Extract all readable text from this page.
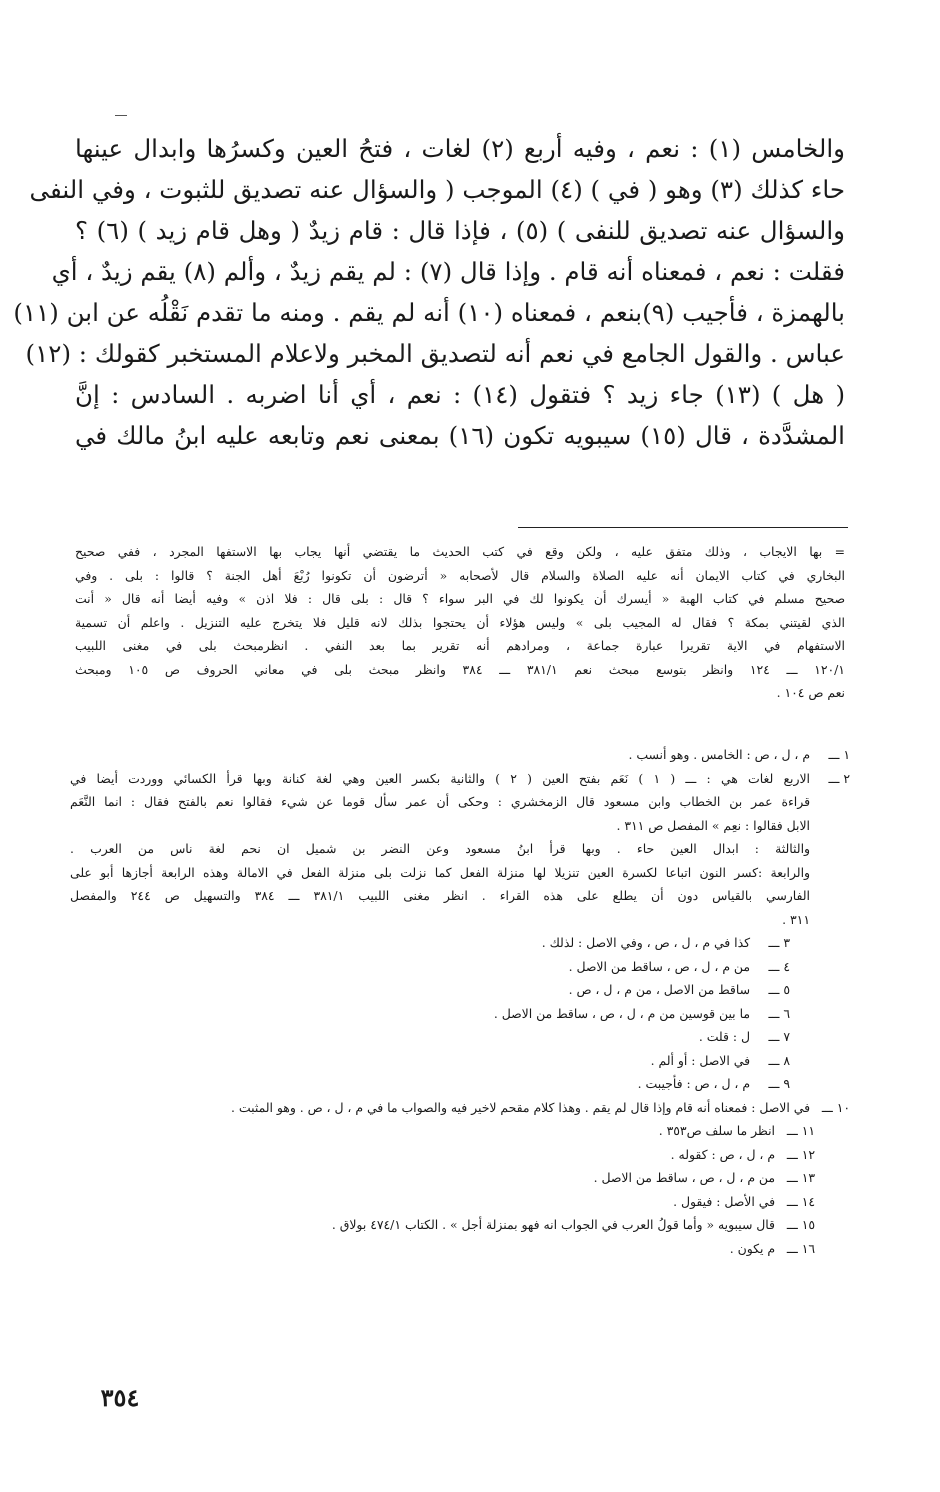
والخامس (١) : نعم ، وفيه أربع (٢) لغات ، فتحُ العين وكسرُها وابدال عينها
حاء كذلك (٣) وهو ( في ) (٤) الموجب ( والسؤال عنه تصديق للثبوت ، وفي النفى
والسؤال عنه تصديق للنفى ) (٥) ، فإذا قال : قام زيدٌ ( وهل قام زيد ) (٦) ؟
فقلت : نعم ، فمعناه أنه قام . وإذا قال (٧) : لم يقم زيدٌ ، وألم (٨) يقم زيدٌ ، أي
بالهمزة ، فأجيب (٩)بنعم ، فمعناه (١٠) أنه لم يقم . ومنه ما تقدم نَقْلُه عن ابن (١١)
عباس . والقول الجامع في نعم أنه لتصديق المخبر ولاعلام المستخبر كقولك : (١٢)
( هل ) (١٣) جاء زيد ؟ فتقول (١٤) : نعم ، أي أنا اضربه . السادس : إنَّ
المشدَّدة ، قال (١٥) سيبويه تكون (١٦) بمعنى نعم وتابعه عليه ابنُ مالك في
= بها الايجاب ، وذلك متفق عليه ، ولكن وقع في كتب الحديث ما يقتضي أنها يجاب بها الاستفها المجرد ، ففي صحيح
البخاري في كتاب الايمان أنه عليه الصلاة والسلام قال لأصحابه « أترضون أن تكونوا رُبْعَ أهل الجنة ؟ قالوا : بلى . وفي
صحيح مسلم في كتاب الهبة « أيسرك أن يكونوا لك في البر سواء ؟ قال : بلى قال : فلا اذن » وفيه أيضا أنه قال « أنت
الذي لقيتني بمكة ؟ فقال له المجيب بلى » وليس هؤلاء أن يحتجوا بذلك لانه قليل فلا يتخرج عليه التنزيل . واعلم أن تسمية
الاستفهام في الاية تقريرا عبارة جماعة ، ومرادهم أنه تقرير بما بعد النفي . انظرمبحث بلى في مغنى اللبيب
١٢٠/١ ـــ ١٢٤ وانظر بتوسع مبحث نعم ٣٨١/١ ـــ ٣٨٤ وانظر مبحث بلى في معاني الحروف ص ١٠٥ ومبحث
نعم ص ١٠٤ .
١ ـــ
م ، ل ، ص : الخامس . وهو أنسب .
٢ ـــ
الاربع لغات هي : ـــ ( ١ ) نَعَم بفتح العين ( ٢ ) والثانية بكسر العين وهي لغة كنانة وبها قرأ الكسائي ووردت أيضا في
قراءة عمر بن الخطاب وابن مسعود قال الزمخشري : وحكى أن عمر سأل قوما عن شيء فقالوا نعم بالفتح فقال : انما النَّعَم
الابل فقالوا : نعِم » المفصل ص ٣١١ .
والثالثة : ابدال العين حاء . وبها قرأ ابنُ مسعود وعن النضر بن شميل ان نحم لغة ناس من العرب .
والرابعة :كسر النون اتباعا لكسرة العين تنزيلا لها منزلة الفعل كما نزلت بلى منزلة الفعل في الامالة وهذه الرابعة أجازها أبو على
الفارسي بالقياس دون أن يطلع على هذه القراء . انظر مغنى اللبيب ٣٨١/١ ـــ ٣٨٤ والتسهيل ص ٢٤٤ والمفصل
٣١١ .
٣ ـــ
كذا في م ، ل ، ص ، وفي الاصل : لذلك .
٤ ـــ
من م ، ل ، ص ، ساقط من الاصل .
٥ ـــ
ساقط من الاصل ، من م ، ل ، ص .
٦ ـــ
ما بين قوسين من م ، ل ، ص ، ساقط من الاصل .
٧ ـــ
ل : قلت .
٨ ـــ
في الاصل : أو ألم .
٩ ـــ
م ، ل ، ص : فأجيبت .
١٠ ـــ
في الاصل : فمعناه أنه قام وإذا قال لم يقم . وهذا كلام مقحم لاخير فيه والصواب ما في م ، ل ، ص . وهو المثبت .
١١ ـــ
انظر ما سلف ص٣٥٣ .
١٢ ـــ
م ، ل ، ص : كقوله .
١٣ ـــ
من م ، ل ، ص ، ساقط من الاصل .
١٤ ـــ
في الأصل : فيقول .
١٥ ـــ
قال سيبويه « وأما قولُ العرب في الجواب انه فهو بمنزلة أجل » . الكتاب ٤٧٤/١ بولاق .
١٦ ـــ
م يكون .
٣٥٤
